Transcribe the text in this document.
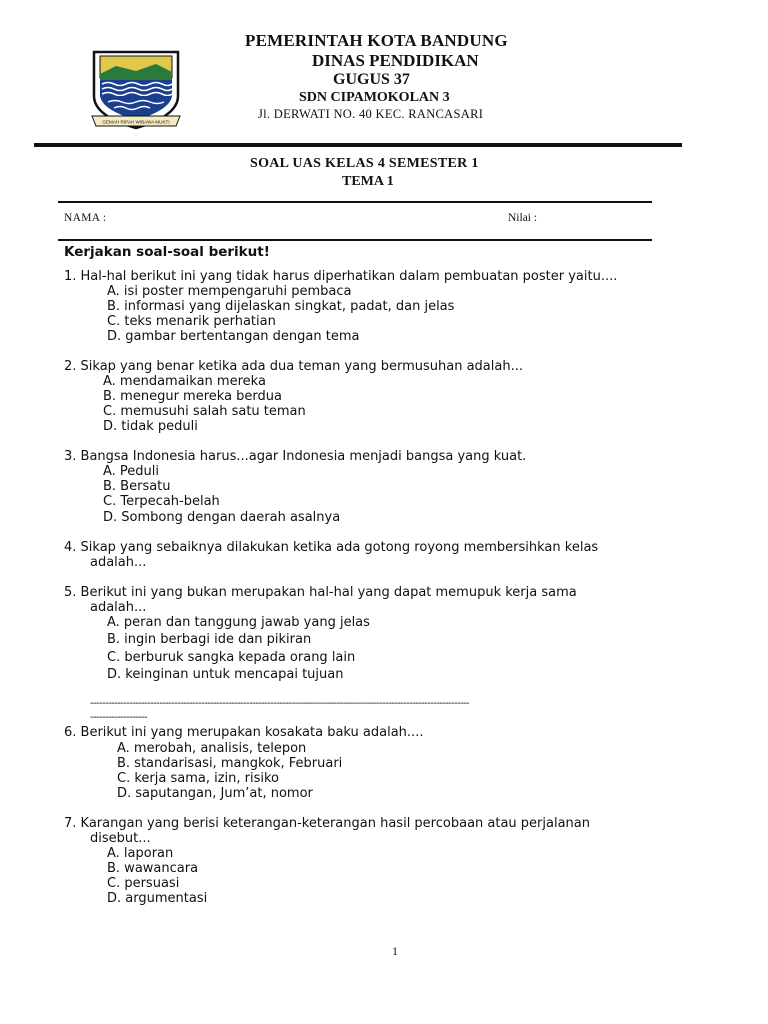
GEMAH RIPAH WIBAWA MUKTI
PEMERINTAH KOTA BANDUNG
DINAS PENDIDIKAN
GUGUS 37
SDN CIPAMOKOLAN 3
Jl. DERWATI NO. 40 KEC. RANCASARI
SOAL UAS KELAS 4 SEMESTER 1
TEMA 1
NAMA :	Nilai :
Kerjakan soal-soal berikut!
1. Hal-hal berikut ini yang tidak harus diperhatikan dalam pembuatan poster yaitu....
A. isi poster mempengaruhi pembaca
B. informasi yang dijelaskan singkat, padat, dan jelas
C. teks menarik perhatian
D. gambar bertentangan dengan tema
2. Sikap yang benar ketika ada dua teman yang bermusuhan adalah...
A. mendamaikan mereka
B. menegur mereka berdua
C. memusuhi salah satu teman
D. tidak peduli
3. Bangsa Indonesia harus...agar Indonesia menjadi bangsa yang kuat.
A. Peduli
B. Bersatu
C. Terpecah-belah
D. Sombong dengan daerah asalnya
4. Sikap yang sebaiknya dilakukan ketika ada gotong royong membersihkan kelas
adalah...
5. Berikut ini yang bukan merupakan hal-hal yang dapat memupuk kerja sama
adalah...
A. peran dan tanggung jawab yang jelas
B. ingin berbagi ide dan pikiran
C. berburuk sangka kepada orang lain
D. keinginan untuk mencapai tujuan
------------------------------------------------------------------------------------------------------------------------------
-------------------
6. Berikut ini yang merupakan kosakata baku adalah....
A. merobah, analisis, telepon
B. standarisasi, mangkok, Februari
C. kerja sama, izin, risiko
D. saputangan, Jum’at, nomor
7. Karangan yang berisi keterangan-keterangan hasil percobaan atau perjalanan
disebut...
A. laporan
B. wawancara
C. persuasi
D. argumentasi
1
